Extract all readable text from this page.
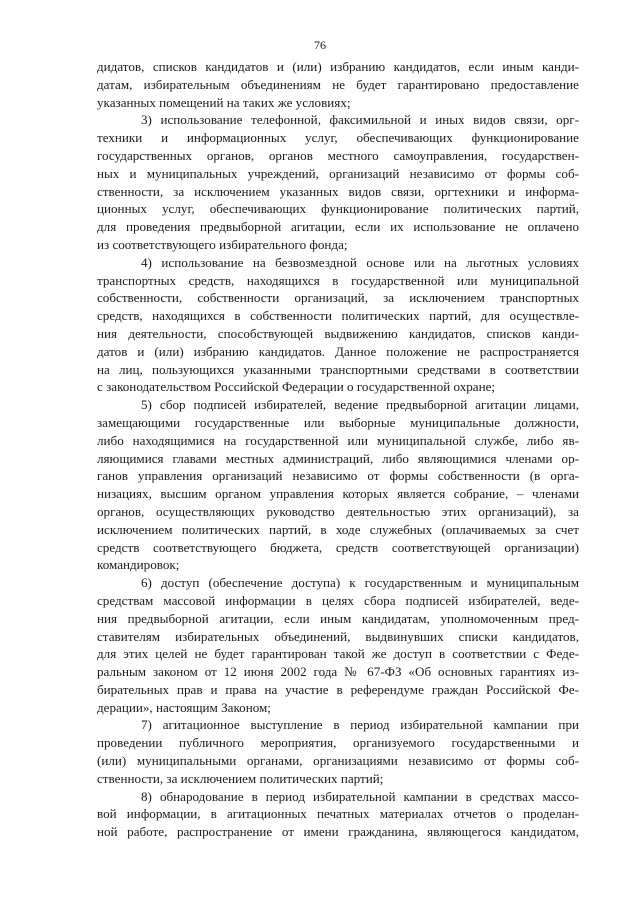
76
дидатов, списков кандидатов и (или) избранию кандидатов, если иным канди-
датам, избирательным объединениям не будет гарантировано предоставление
указанных помещений на таких же условиях;
3) использование телефонной, факсимильной и иных видов связи, орг-
техники и информационных услуг, обеспечивающих функционирование
государственных органов, органов местного самоуправления, государствен-
ных и муниципальных учреждений, организаций независимо от формы соб-
ственности, за исключением указанных видов связи, оргтехники и информа-
ционных услуг, обеспечивающих функционирование политических партий,
для проведения предвыборной агитации, если их использование не оплачено
из соответствующего избирательного фонда;
4) использование на безвозмездной основе или на льготных условиях
транспортных средств, находящихся в государственной или муниципальной
собственности, собственности организаций, за исключением транспортных
средств, находящихся в собственности политических партий, для осуществле-
ния деятельности, способствующей выдвижению кандидатов, списков канди-
датов и (или) избранию кандидатов. Данное положение не распространяется
на лиц, пользующихся указанными транспортными средствами в соответствии
с законодательством Российской Федерации о государственной охране;
5) сбор подписей избирателей, ведение предвыборной агитации лицами,
замещающими государственные или выборные муниципальные должности,
либо находящимися на государственной или муниципальной службе, либо яв-
ляющимися главами местных администраций, либо являющимися членами ор-
ганов управления организаций независимо от формы собственности (в орга-
низациях, высшим органом управления которых является собрание, – членами
органов, осуществляющих руководство деятельностью этих организаций), за
исключением политических партий, в ходе служебных (оплачиваемых за счет
средств соответствующего бюджета, средств соответствующей организации)
командировок;
6) доступ (обеспечение доступа) к государственным и муниципальным
средствам массовой информации в целях сбора подписей избирателей, веде-
ния предвыборной агитации, если иным кандидатам, уполномоченным пред-
ставителям избирательных объединений, выдвинувших списки кандидатов,
для этих целей не будет гарантирован такой же доступ в соответствии с Феде-
ральным законом от 12 июня 2002 года № 67-ФЗ «Об основных гарантиях из-
бирательных прав и права на участие в референдуме граждан Российской Фе-
дерации», настоящим Законом;
7) агитационное выступление в период избирательной кампании при
проведении публичного мероприятия, организуемого государственными и
(или) муниципальными органами, организациями независимо от формы соб-
ственности, за исключением политических партий;
8) обнародование в период избирательной кампании в средствах массо-
вой информации, в агитационных печатных материалах отчетов о проделан-
ной работе, распространение от имени гражданина, являющегося кандидатом,
